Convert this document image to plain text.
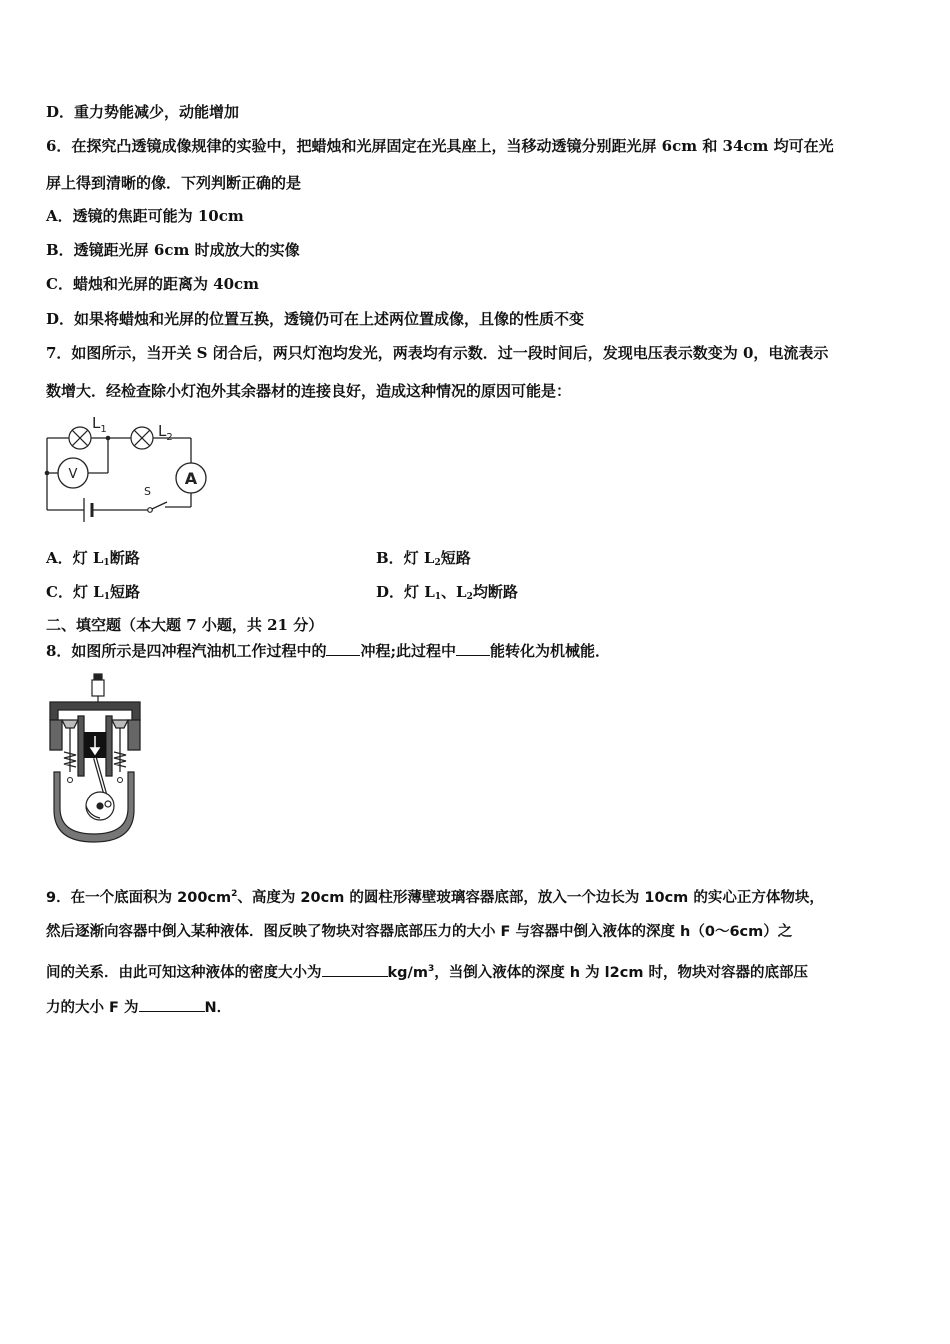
D．重力势能减少，动能增加
6．在探究凸透镜成像规律的实验中，把蜡烛和光屏固定在光具座上，当移动透镜分别距光屏 6cm 和 34cm 均可在光
屏上得到清晰的像．下列判断正确的是
A．透镜的焦距可能为 10cm
B．透镜距光屏 6cm 时成放大的实像
C．蜡烛和光屏的距离为 40cm
D．如果将蜡烛和光屏的位置互换，透镜仍可在上述两位置成像，且像的性质不变
7．如图所示，当开关 S 闭合后，两只灯泡均发光，两表均有示数．过一段时间后，发现电压表示数变为 0，电流表示
数增大．经检查除小灯泡外其余器材的连接良好，造成这种情况的原因可能是：
$L_1$	$L_2$
V	A
S
A．灯 $L_1$断路	B．灯 $L_2$短路
C．灯 $L_1$短路	D．灯 $L_1$、$L_2$均断路
二、填空题（本大题 7 小题，共 21 分）
8．如图所示是四冲程汽油机工作过程中的 冲程;此过程中 能转化为机械能．
9．在一个底面积为 $200cm^2$、高度为 20cm 的圆柱形薄壁玻璃容器底部，放入一个边长为 10cm 的实心正方体物块，
然后逐渐向容器中倒入某种液体．图反映了物块对容器底部压力的大小 F 与容器中倒入液体的深度 h（0～6cm）之
间的关系．由此可知这种液体的密度大小为	$kg/m^3$，当倒入液体的深度 h 为 l2cm 时，物块对容器的底部压
力的大小 F 为	N．
